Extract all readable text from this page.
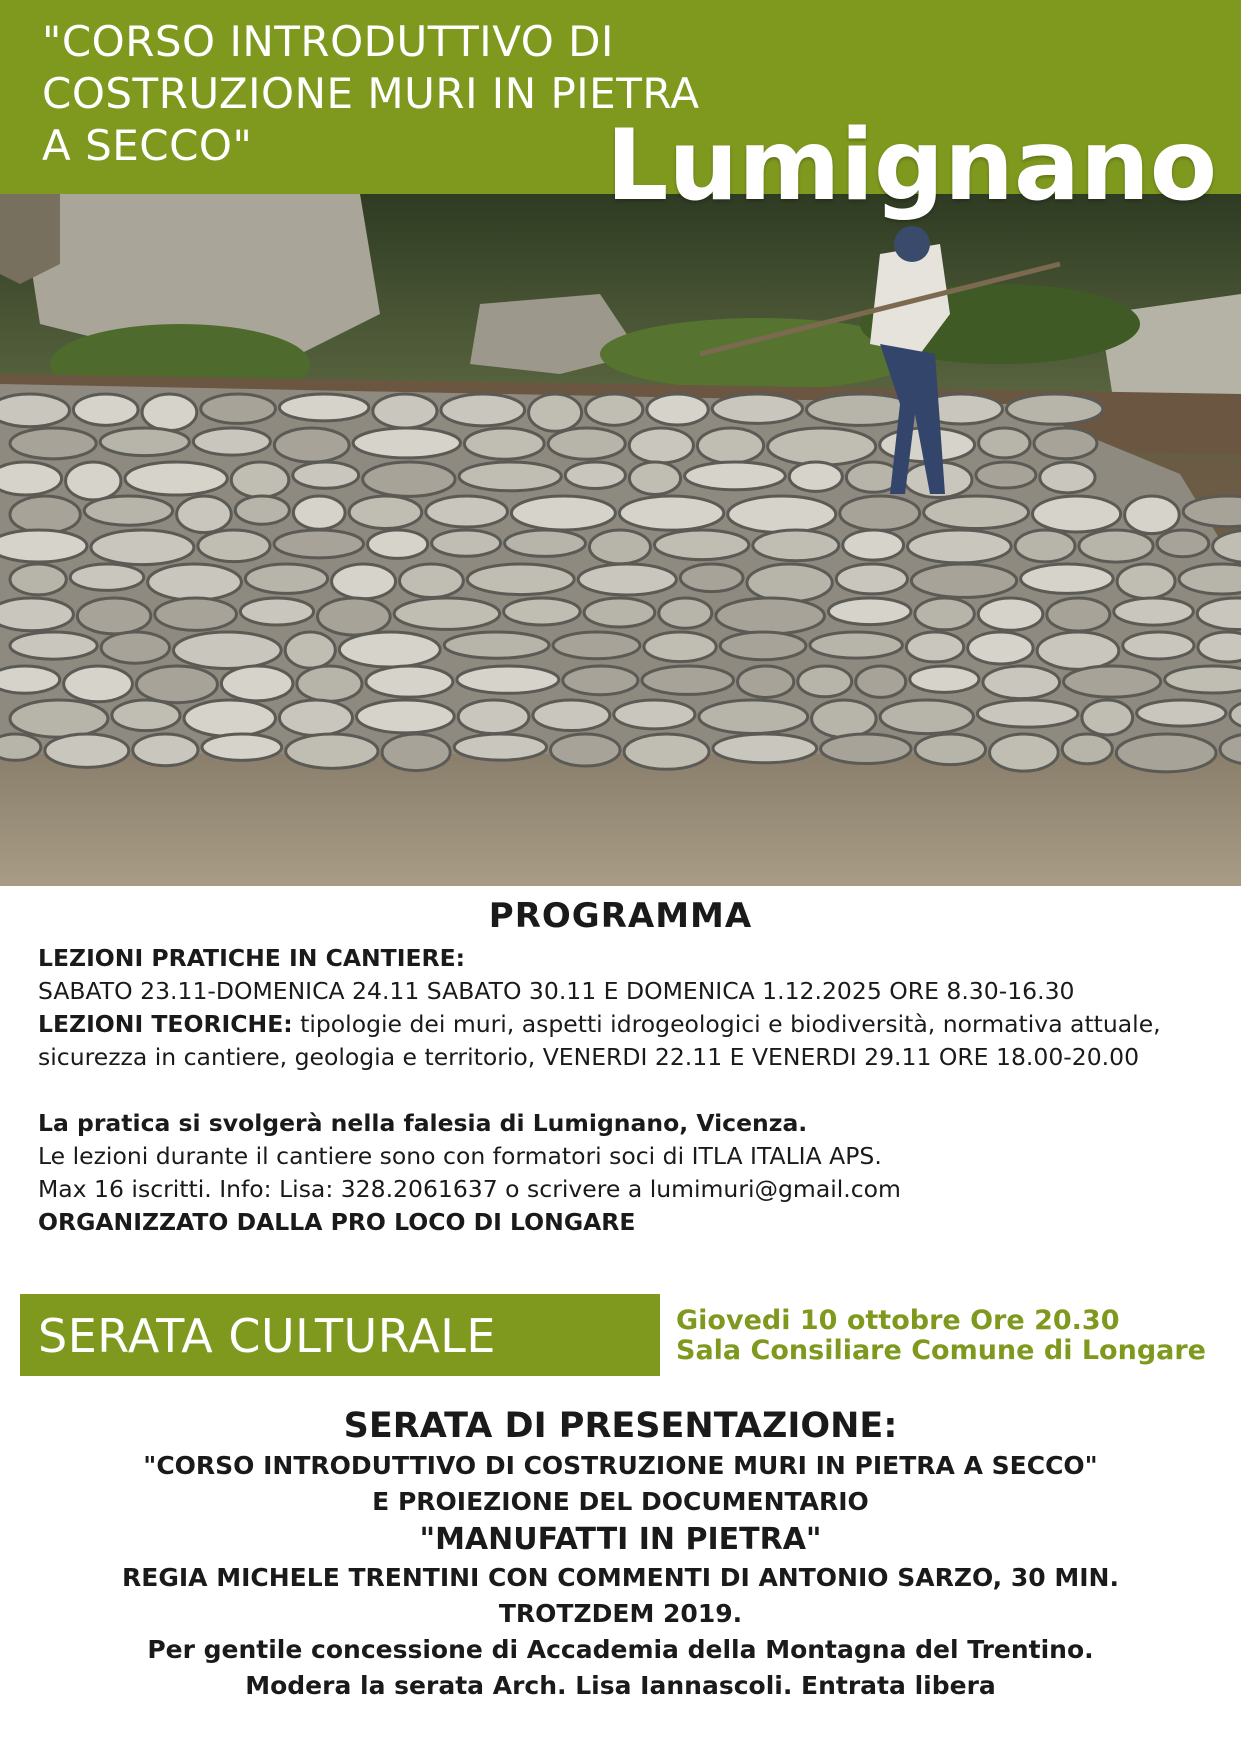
"CORSO INTRODUTTIVO DI COSTRUZIONE MURI IN PIETRA A SECCO"	Lumignano
PROGRAMMA

LEZIONI PRATICHE IN CANTIERE:

SABATO 23.11-DOMENICA 24.11 SABATO 30.11 E DOMENICA 1.12.2025 ORE 8.30-16.30

LEZIONI TEORICHE: tipologie dei muri, aspetti idrogeologici e biodiversità, normativa attuale,

sicurezza in cantiere, geologia e territorio, VENERDI 22.11 E VENERDI 29.11 ORE 18.00-20.00

La pratica si svolgerà nella falesia di Lumignano, Vicenza.

Le lezioni durante il cantiere sono con formatori soci di ITLA ITALIA APS.

Max 16 iscritti. Info: Lisa: 328.2061637 o scrivere a lumimuri@gmail.com

ORGANIZZATO DALLA PRO LOCO DI LONGARE

SERATA CULTURALE	Giovedi 10 ottobre Ore 20.30
Sala Consiliare Comune di Longare
SERATA DI PRESENTAZIONE:
"CORSO INTRODUTTIVO DI COSTRUZIONE MURI IN PIETRA A SECCO"
E PROIEZIONE DEL DOCUMENTARIO
"MANUFATTI IN PIETRA"
REGIA MICHELE TRENTINI CON COMMENTI DI ANTONIO SARZO, 30 MIN.
TROTZDEM 2019.
Per gentile concessione di Accademia della Montagna del Trentino.
Modera la serata Arch. Lisa Iannascoli. Entrata libera
